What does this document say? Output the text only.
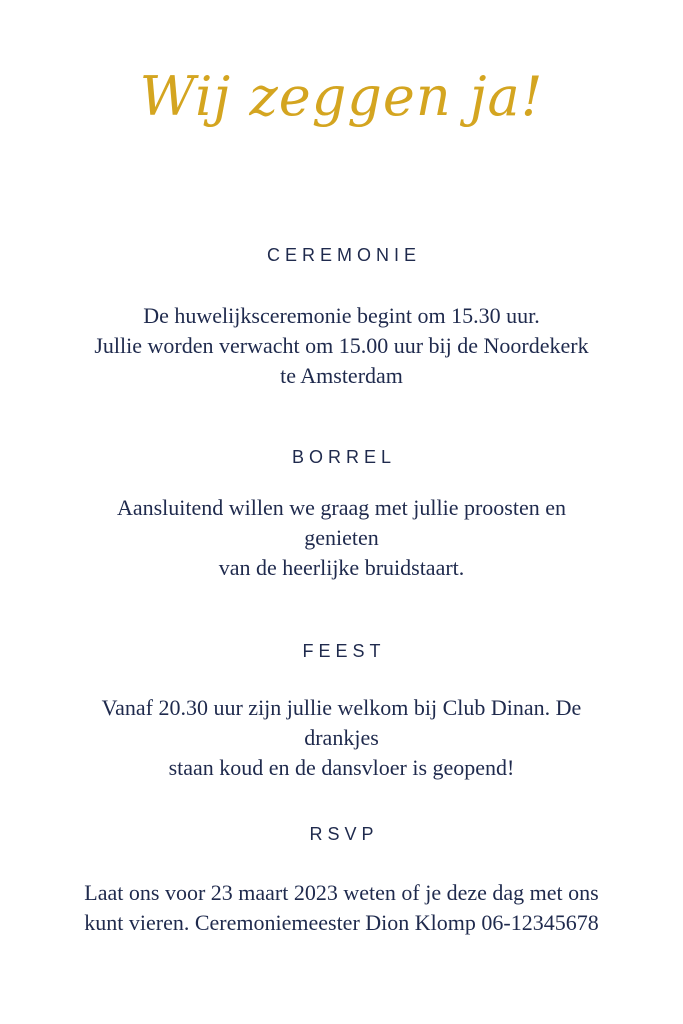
Wij zeggen ja!
CEREMONIE
De huwelijksceremonie begint om 15.30 uur.
Jullie worden verwacht om 15.00 uur bij de Noordekerk
te Amsterdam
BORREL
Aansluitend willen we graag met jullie proosten en
genieten
van de heerlijke bruidstaart.
FEEST
Vanaf 20.30 uur zijn jullie welkom bij Club Dinan. De
drankjes
staan koud en de dansvloer is geopend!
RSVP
Laat ons voor 23 maart 2023 weten of je deze dag met ons
kunt vieren. Ceremoniemeester Dion Klomp 06-12345678
